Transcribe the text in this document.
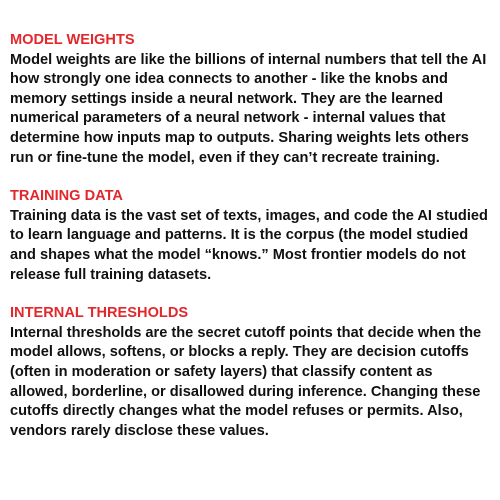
MODEL WEIGHTS

Model weights are like the billions of internal numbers that tell the AI how strongly one idea connects to another - like the knobs and memory settings inside a neural network. They are the learned numerical parameters of a neural network - internal values that determine how inputs map to outputs. Sharing weights lets others run or fine-tune the model, even if they can’t recreate training.

TRAINING DATA

Training data is the vast set of texts, images, and code the AI studied to learn language and patterns. It is the corpus (the model studied and shapes what the model “knows.” Most frontier models do not release full training datasets.

INTERNAL THRESHOLDS

Internal thresholds are the secret cutoff points that decide when the model allows, softens, or blocks a reply. They are decision cutoffs (often in moderation or safety layers) that classify content as allowed, borderline, or disallowed during inference. Changing these cutoffs directly changes what the model refuses or permits. Also, vendors rarely disclose these values.
